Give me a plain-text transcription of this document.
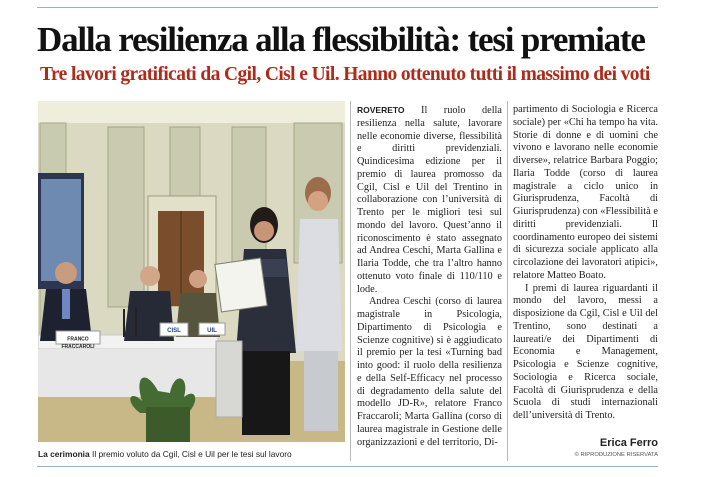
Dalla resilienza alla flessibilità: tesi premiate
Tre lavori gratificati da Cgil, Cisl e Uil. Hanno ottenuto tutti il massimo dei voti
FRANCO
FRACCAROLI
CISL	UIL
La cerimonia Il premio voluto da Cgil, Cisl e Uil per le tesi sul lavoro

ROVERETO Il ruolo della resilienza nella salute, lavorare nelle economie diverse, flessibilità e diritti previdenziali. Quindicesima edizione per il premio di laurea promosso da Cgil, Cisl e Uil del Trentino in collaborazione con l’università di Trento per le migliori tesi sul mondo del lavoro. Quest’anno il riconoscimento è stato assegnato ad Andrea Ceschi, Marta Gallina e Ilaria Todde, che tra l’altro hanno ottenuto voto finale di 110/110 e lode.

Andrea Ceschi (corso di laurea magistrale in Psicologia, Dipartimento di Psicologia e Scienze cognitive) si è aggiudicato il premio per la tesi «Turning bad into good: il ruolo della resilienza e della Self-Efficacy nel processo di degradamento della salute del modello JD-R», relatore Franco Fraccaroli; Marta Gallina (corso di laurea magistrale in Gestione delle organizzazioni e del territorio, Di-

partimento di Sociologia e Ricerca sociale) per «Chi ha tempo ha vita. Storie di donne e di uomini che vivono e lavorano nelle economie diverse», relatrice Barbara Poggio; Ilaria Todde (corso di laurea magistrale a ciclo unico in Giurisprudenza, Facoltà di Giurisprudenza) con «Flessibilità e diritti previdenziali. Il coordinamento europeo dei sistemi di sicurezza sociale applicato alla circolazione dei lavoratori atipici», relatore Matteo Boato.

I premi di laurea riguardanti il mondo del lavoro, messi a disposizione da Cgil, Cisl e Uil del Trentino, sono destinati a laureati/e dei Dipartimenti di Economia e Management, Psicologia e Scienze cognitive, Sociologia e Ricerca sociale, Facoltà di Giurisprudenza e della Scuola di studi internazionali dell’università di Trento.

Erica Ferro
© RIPRODUZIONE RISERVATA
